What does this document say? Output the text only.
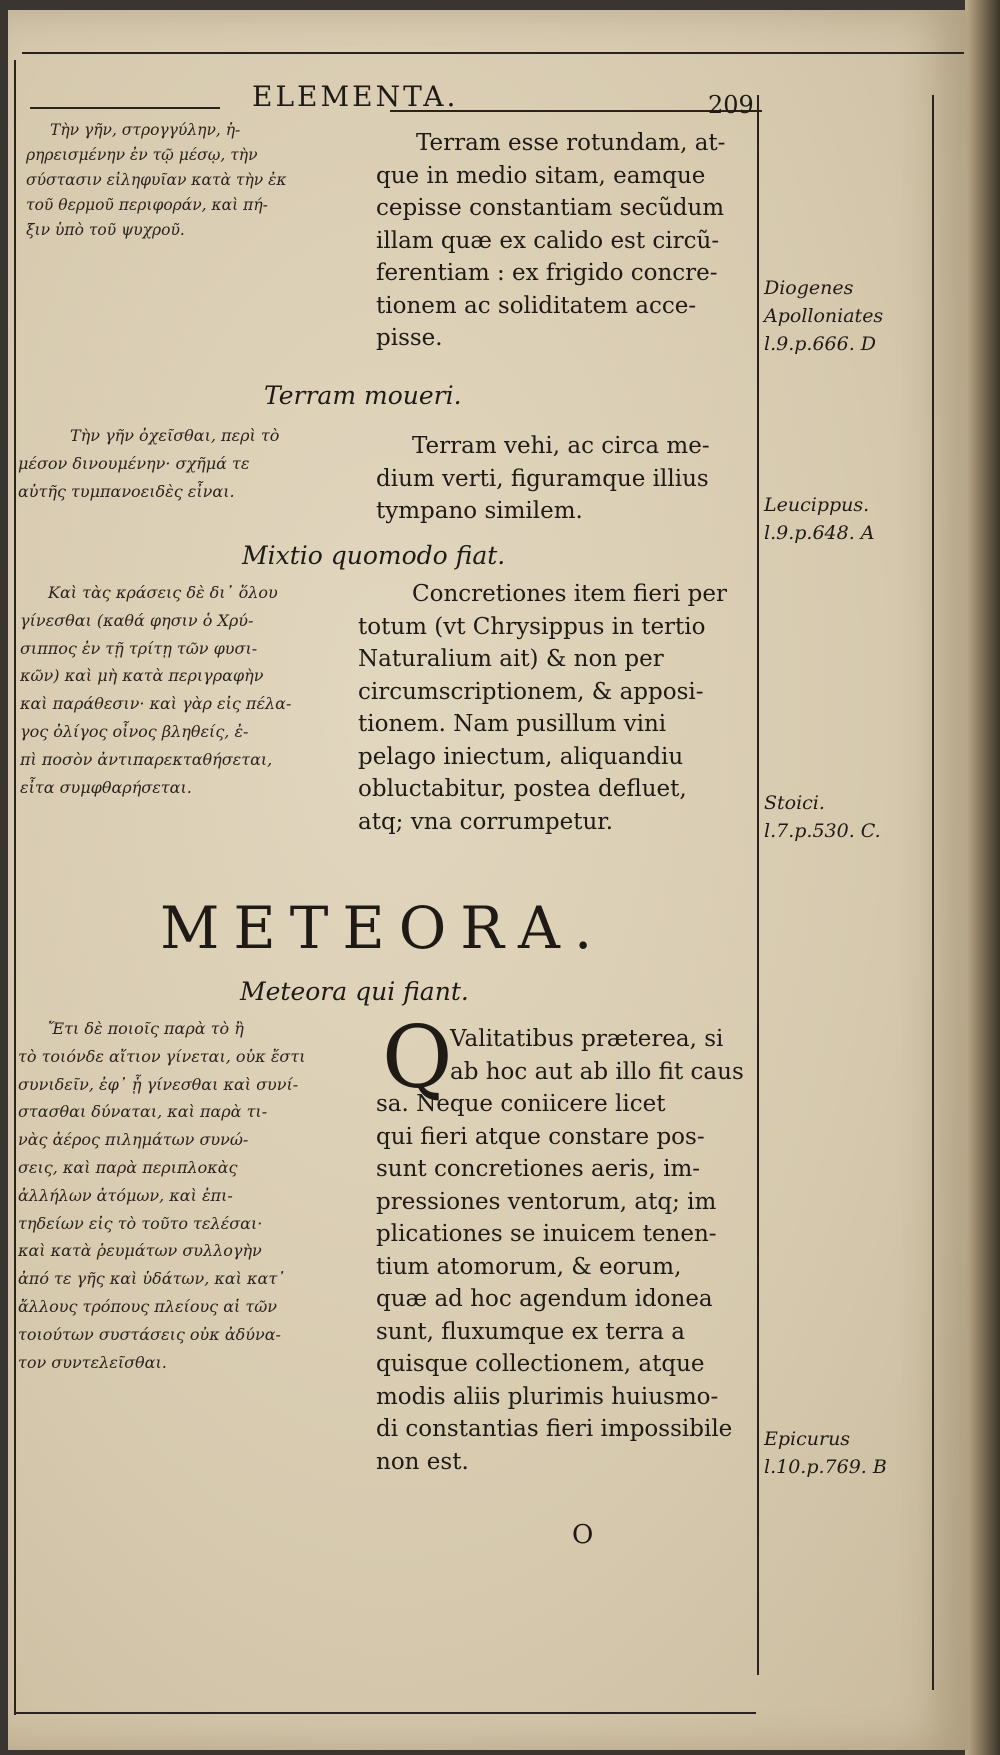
ELEMENTA.	209
Τὴν γῆν, στρογγύλην, ἡ-
ρηρεισμένην ἐν τῷ μέσῳ, τὴν
σύστασιν εἰληφυῖαν κατὰ τὴν ἐκ
τοῦ θερμοῦ περιφοράν, καὶ πή-
ξιν ὑπὸ τοῦ ψυχροῦ.
Terram esse rotundam, at-
que in medio sitam, eamque
cepisse constantiam secũdum
illam quæ ex calido est circũ-
ferentiam : ex frigido concre-
tionem ac soliditatem acce-
pisse.
Diogenes
Apolloniates
l.9.p.666. D
Terram moueri.
Τὴν γῆν ὀχεῖσθαι, περὶ τὸ
μέσον δινουμένην· σχῆμά τε
αὐτῆς τυμπανοειδὲς εἶναι.
Terram vehi, ac circa me-
dium verti, figuramque illius
tympano similem.	Leucippus.
l.9.p.648. A
Mixtio quomodo fiat.
Καὶ τὰς κράσεις δὲ δι᾽ ὅλου
γίνεσθαι (καθά φησιν ὁ Χρύ-
σιππος ἐν τῇ τρίτῃ τῶν φυσι-
κῶν) καὶ μὴ κατὰ περιγραφὴν
καὶ παράθεσιν· καὶ γὰρ εἰς πέλα-
γος ὀλίγος οἶνος βληθείς, ἐ-
πὶ ποσὸν ἀντιπαρεκταθήσεται,
εἶτα συμφθαρήσεται.
Concretiones item fieri per
totum (vt Chrysippus in tertio
Naturalium ait) & non per
circumscriptionem, & apposi-
tionem. Nam pusillum vini
pelago iniectum, aliquandiu
obluctabitur, postea defluet,
atq; vna corrumpetur.
Stoici.
l.7.p.530. C.
METEORA.
Meteora qui fiant.
Ἔτι δὲ ποιοῖς παρὰ τὸ ἢ
τὸ τοιόνδε αἴτιον γίνεται, οὐκ ἔστι
συνιδεῖν, ἐφ᾽ ᾗ γίνεσθαι καὶ συνί-
στασθαι δύναται, καὶ παρὰ τι-
νὰς ἀέρος πιλημάτων συνώ-
σεις, καὶ παρὰ περιπλοκὰς
ἀλλήλων ἀτόμων, καὶ ἐπι-
τηδείων εἰς τὸ τοῦτο τελέσαι·
καὶ κατὰ ῥευμάτων συλλογὴν
ἀπό τε γῆς καὶ ὑδάτων, καὶ κατ᾽
ἄλλους τρόπους πλείους αἱ τῶν
τοιούτων συστάσεις οὐκ ἀδύνα-
τον συντελεῖσθαι.
Q
Valitatibus præterea, si
ab hoc aut ab illo fit caus
sa. Neque coniicere licet
qui fieri atque constare pos-
sunt concretiones aeris, im-
pressiones ventorum, atq; im
plicationes se inuicem tenen-
tium atomorum, & eorum,
quæ ad hoc agendum idonea
sunt, fluxumque ex terra a
quisque collectionem, atque
modis aliis plurimis huiusmo-
di constantias fieri impossibile
non est.
Epicurus
l.10.p.769. B
O
